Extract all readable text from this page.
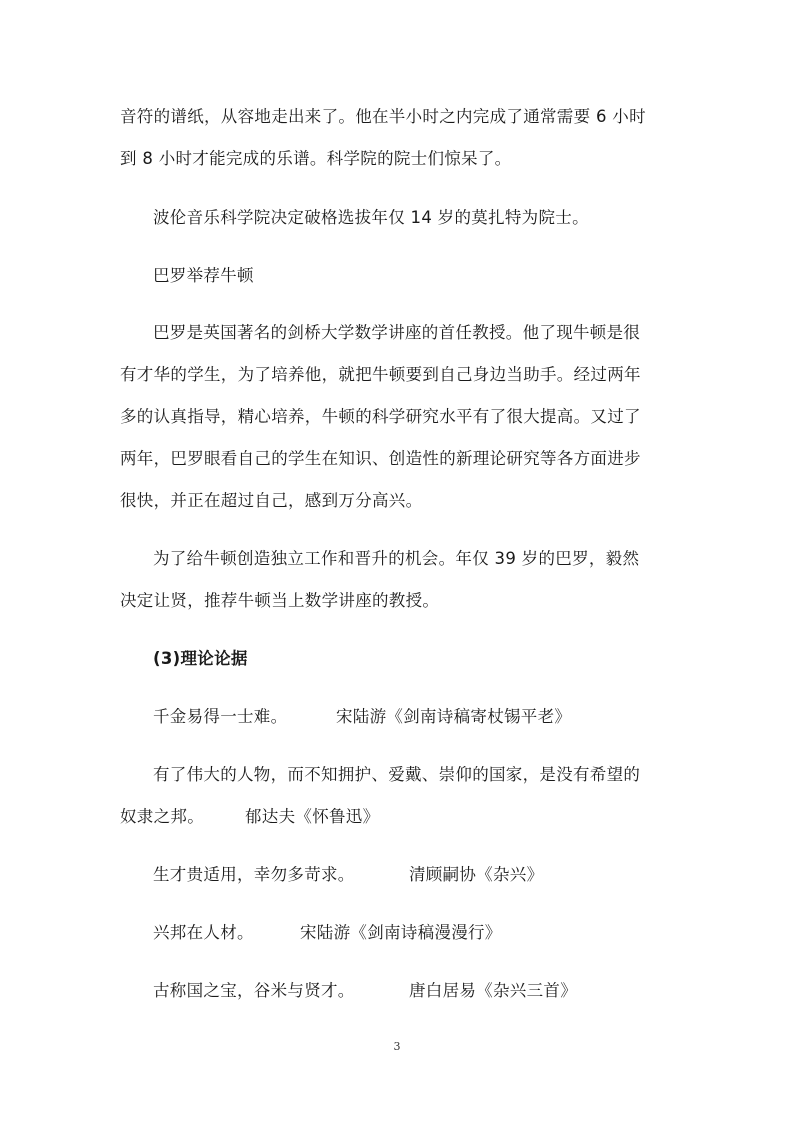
音符的谱纸，从容地走出来了。他在半小时之内完成了通常需要 6 小时
到 8 小时才能完成的乐谱。科学院的院士们惊呆了。
波伦音乐科学院决定破格选拔年仅 14 岁的莫扎特为院士。
巴罗举荐牛顿
巴罗是英国著名的剑桥大学数学讲座的首任教授。他了现牛顿是很
有才华的学生，为了培养他，就把牛顿要到自己身边当助手。经过两年
多的认真指导，精心培养，牛顿的科学研究水平有了很大提高。又过了
两年，巴罗眼看自己的学生在知识、创造性的新理论研究等各方面进步
很快，并正在超过自己，感到万分高兴。
为了给牛顿创造独立工作和晋升的机会。年仅 39 岁的巴罗，毅然
决定让贤，推荐牛顿当上数学讲座的教授。
(3)理论论据
千金易得一士难。	宋陆游《剑南诗稿寄杖锡平老》
有了伟大的人物，而不知拥护、爱戴、崇仰的国家，是没有希望的
奴隶之邦。 郁达夫《怀鲁迅》
生才贵适用，幸勿多苛求。	清顾嗣协《杂兴》
兴邦在人材。	宋陆游《剑南诗稿漫漫行》
古称国之宝，谷米与贤才。	唐白居易《杂兴三首》
3
